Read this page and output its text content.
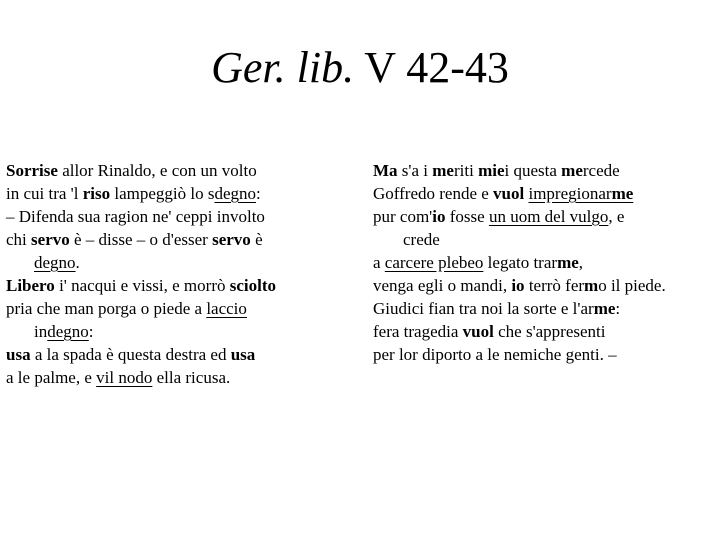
Ger. lib. V 42-43
Sorrise allor Rinaldo, e con un volto
in cui tra 'l riso lampeggiò lo sdegno:
– Difenda sua ragion ne' ceppi involto
chi servo è – disse – o d'esser servo è
degno.
Libero i' nacqui e vissi, e morrò sciolto
pria che man porga o piede a laccio
indegno:
usa a la spada è questa destra ed usa
a le palme, e vil nodo ella ricusa.
Ma s'a i meriti miei questa mercede
Goffredo rende e vuol impregionarme
pur com'io fosse un uom del vulgo, e
crede
a carcere plebeo legato trarme,
venga egli o mandi, io terrò fermo il piede.
Giudici fian tra noi la sorte e l'arme:
fera tragedia vuol che s'appresenti
per lor diporto a le nemiche genti. –
